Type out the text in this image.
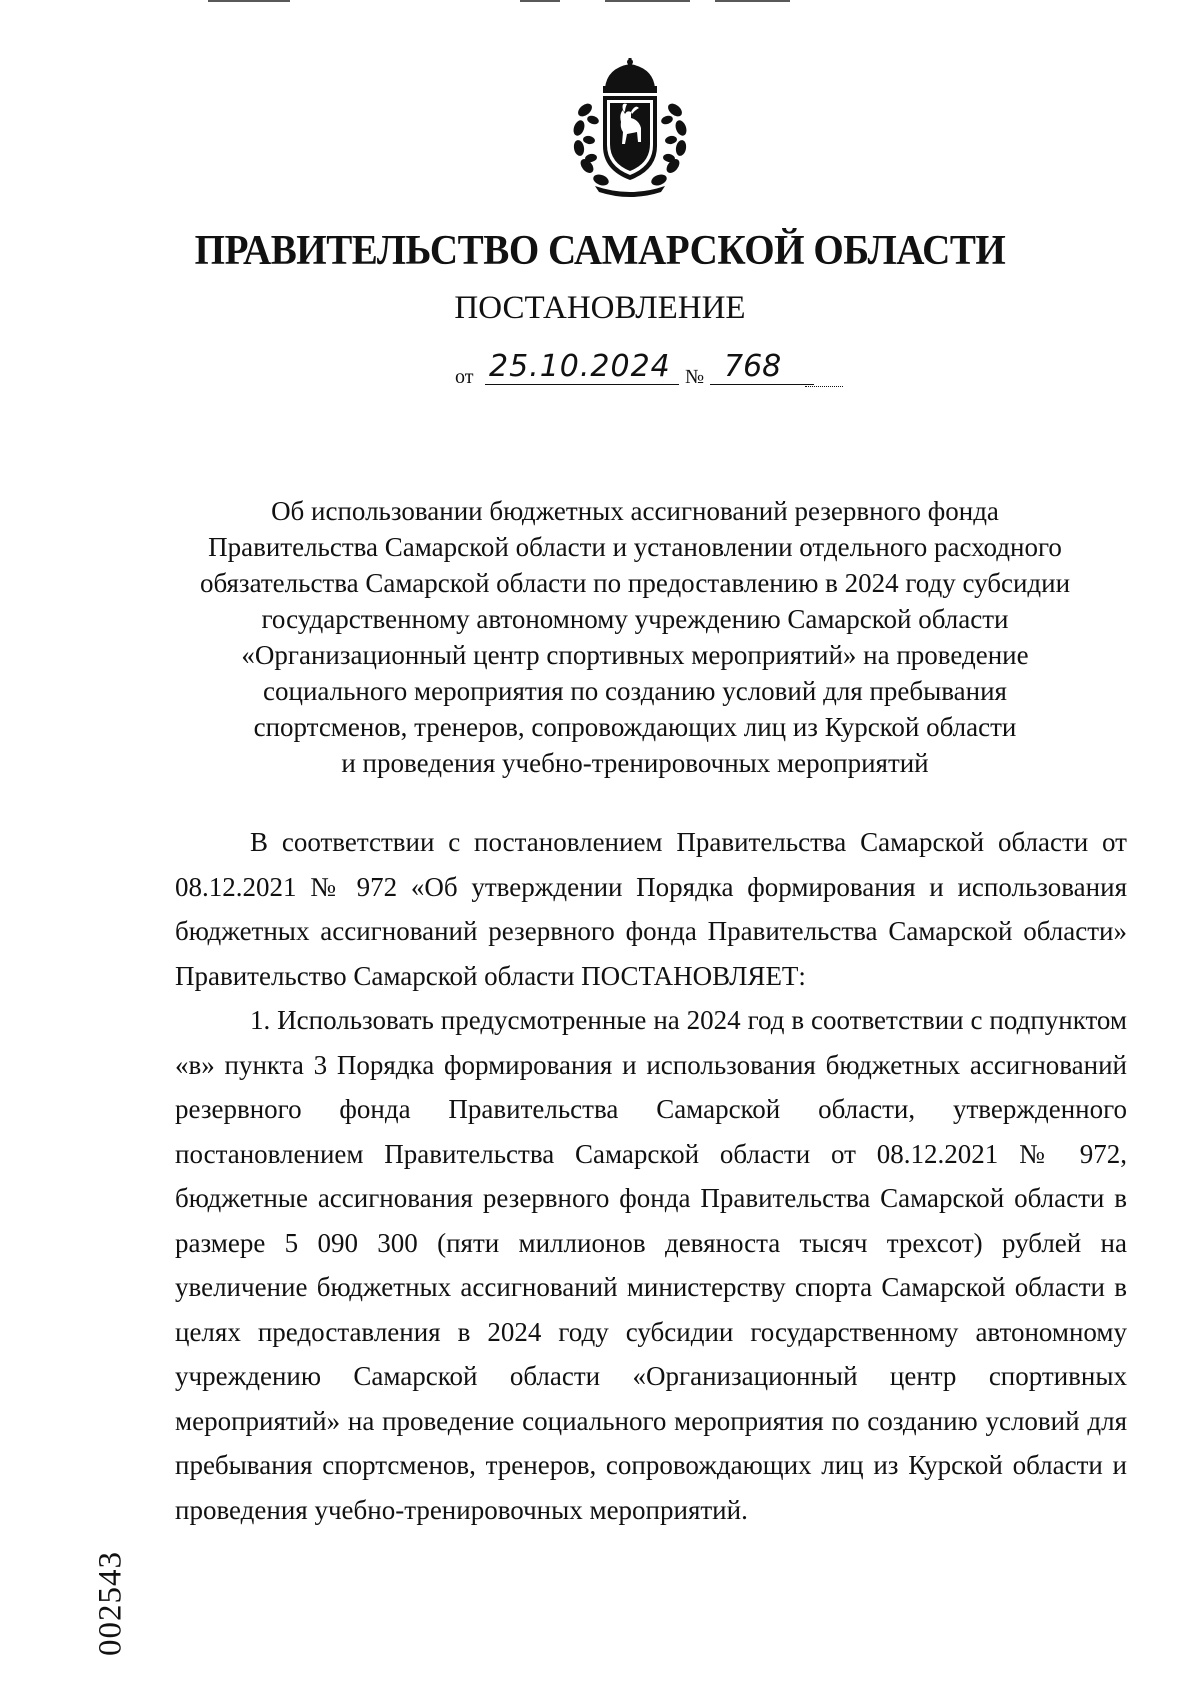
ПРАВИТЕЛЬСТВО САМАРСКОЙ ОБЛАСТИ
ПОСТАНОВЛЕНИЕ
от 25.10.2024 № 768
Об использовании бюджетных ассигнований резервного фонда
Правительства Самарской области и установлении отдельного расходного
обязательства Самарской области по предоставлению в 2024 году субсидии
государственному автономному учреждению Самарской области
«Организационный центр спортивных мероприятий» на проведение
социального мероприятия по созданию условий для пребывания
спортсменов, тренеров, сопровождающих лиц из Курской области
и проведения учебно-тренировочных мероприятий

В соответствии с постановлением Правительства Самарской области от 08.12.2021 № 972 «Об утверждении Порядка формирования и использования бюджетных ассигнований резервного фонда Правительства Самарской области» Правительство Самарской области ПОСТАНОВЛЯЕТ:

1. Использовать предусмотренные на 2024 год в соответствии с подпунктом «в» пункта 3 Порядка формирования и использования бюджетных ассигнований резервного фонда Правительства Самарской области, утвержденного постановлением Правительства Самарской области от 08.12.2021 № 972, бюджетные ассигнования резервного фонда Правительства Самарской области в размере 5 090 300 (пяти миллионов девяноста тысяч трехсот) рублей на увеличение бюджетных ассигнований министерству спорта Самарской области в целях предоставления в 2024 году субсидии государственному автономному учреждению Самарской области «Организационный центр спортивных мероприятий» на проведение социального мероприятия по созданию условий для пребывания спортсменов, тренеров, сопровождающих лиц из Курской области и проведения учебно-тренировочных мероприятий.

002543
